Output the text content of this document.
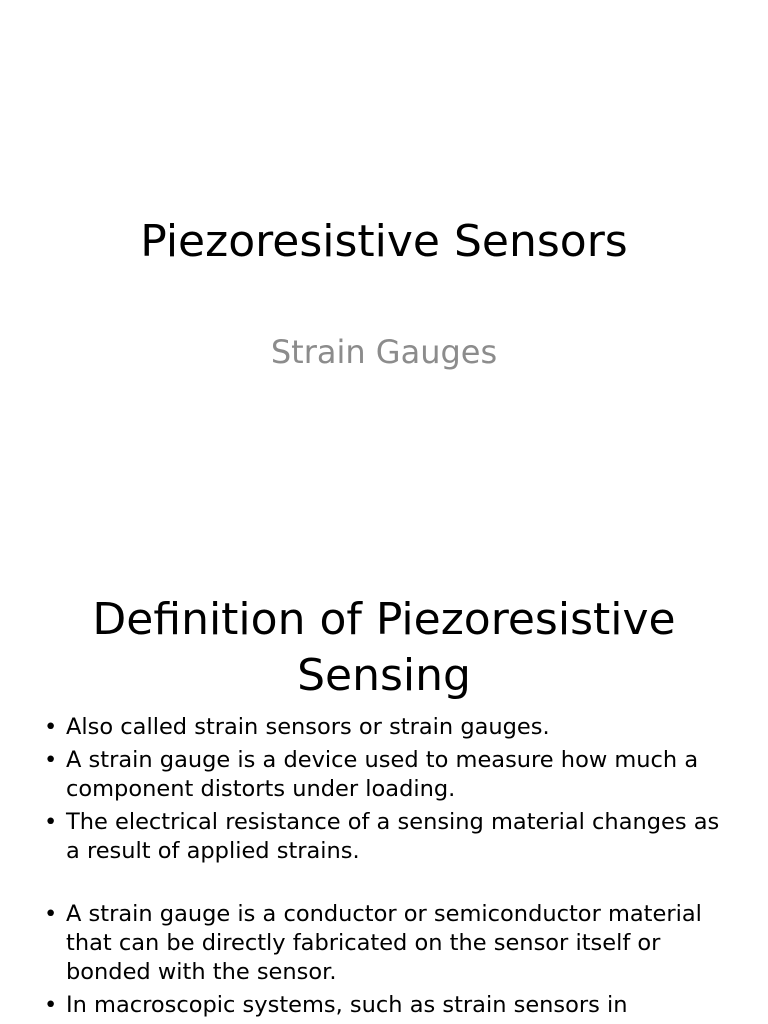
Piezoresistive Sensors
Strain Gauges
Definition of Piezoresistive Sensing
• Also called strain sensors or strain gauges.
• A strain gauge is a device used to measure how much a component distorts under loading.
• The electrical resistance of a sensing material changes as a result of applied strains.
• A strain gauge is a conductor or semiconductor material that can be directly fabricated on the sensor itself or bonded with the sensor.
• In macroscopic systems, such as strain sensors in
